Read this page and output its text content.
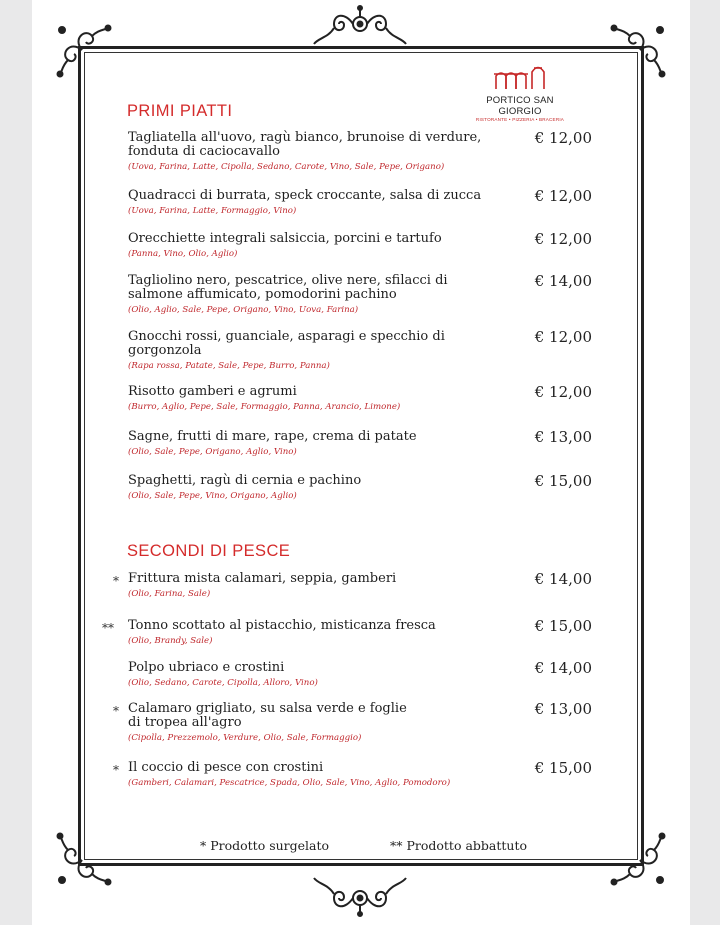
PORTICO SAN GIORGIO
RISTORANTE • PIZZERIA • BRACERIA
PRIMI PIATTI
Tagliatella all'uovo, ragù bianco, brunoise di verdure, fonduta di caciocavallo
(Uova, Farina, Latte, Cipolla, Sedano, Carote, Vino, Sale, Pepe, Origano)
€ 12,00
Quadracci di burrata, speck croccante, salsa di zucca
(Uova, Farina, Latte, Formaggio, Vino)
€ 12,00
Orecchiette integrali salsiccia, porcini e tartufo
(Panna, Vino, Olio, Aglio)
€ 12,00
Tagliolino nero, pescatrice, olive nere, sfilacci di salmone affumicato, pomodorini pachino
(Olio, Aglio, Sale, Pepe, Origano, Vino, Uova, Farina)
€ 14,00
Gnocchi rossi, guanciale, asparagi e specchio di gorgonzola
(Rapa rossa, Patate, Sale, Pepe, Burro, Panna)
€ 12,00
Risotto gamberi e agrumi
(Burro, Aglio, Pepe, Sale, Formaggio, Panna, Arancio, Limone)
€ 12,00
Sagne, frutti di mare, rape, crema di patate
(Olio, Sale, Pepe, Origano, Aglio, Vino)
€ 13,00
Spaghetti, ragù di cernia e pachino
(Olio, Sale, Pepe, Vino, Origano, Aglio)
€ 15,00
SECONDI DI PESCE
* Frittura mista calamari, seppia, gamberi
(Olio, Farina, Sale)
€ 14,00
** Tonno scottato al pistacchio, misticanza fresca
(Olio, Brandy, Sale)
€ 15,00
Polpo ubriaco e crostini
(Olio, Sedano, Carote, Cipolla, Alloro, Vino)
€ 14,00
* Calamaro grigliato, su salsa verde e foglie di tropea all'agro
(Cipolla, Prezzemolo, Verdure, Olio, Sale, Formaggio)
€ 13,00
* Il coccio di pesce con crostini
(Gamberi, Calamari, Pescatrice, Spada, Olio, Sale, Vino, Aglio, Pomodoro)
€ 15,00
* Prodotto surgelato	** Prodotto abbattuto
